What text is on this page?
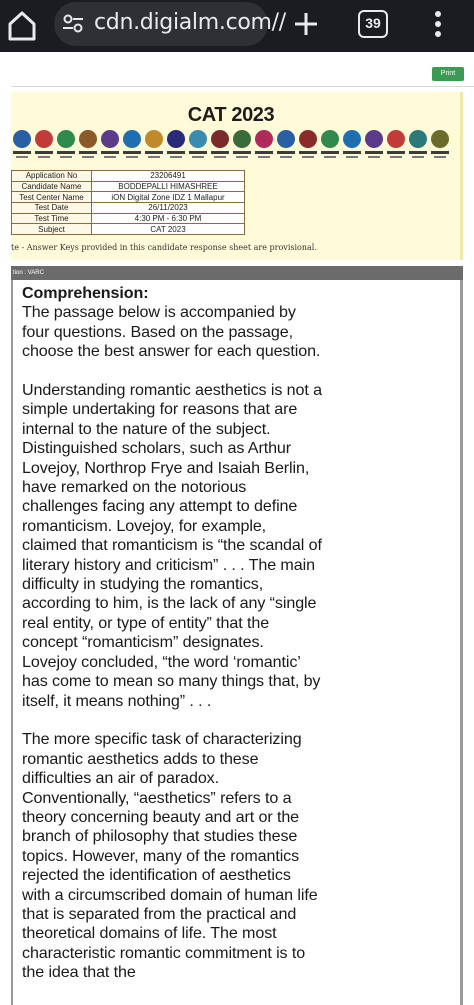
cdn.digialm.com//	39
Print
CAT 2023
Application No	23206491
Candidate Name	BODDEPALLI HIMASHREE
Test Center Name	iON Digital Zone IDZ 1 Mallapur
Test Date	26/11/2023
Test Time	4:30 PM - 6:30 PM
Subject	CAT 2023
te - Answer Keys provided in this candidate response sheet are provisional.
tion : VARC

Comprehension:

The passage below is accompanied by four questions. Based on the passage, choose the best answer for each question.

Understanding romantic aesthetics is not a simple undertaking for reasons that are internal to the nature of the subject. Distinguished scholars, such as Arthur Lovejoy, Northrop Frye and Isaiah Berlin, have remarked on the notorious challenges facing any attempt to define romanticism. Lovejoy, for example, claimed that romanticism is “the scandal of literary history and criticism” . . . The main difficulty in studying the romantics, according to him, is the lack of any “single real entity, or type of entity” that the concept “romanticism” designates. Lovejoy concluded, “the word ‘romantic’ has come to mean so many things that, by itself, it means nothing” . . .

The more specific task of characterizing romantic aesthetics adds to these difficulties an air of paradox. Conventionally, “aesthetics” refers to a theory concerning beauty and art or the branch of philosophy that studies these topics. However, many of the romantics rejected the identification of aesthetics with a circumscribed domain of human life that is separated from the practical and theoretical domains of life. The most characteristic romantic commitment is to the idea that the
